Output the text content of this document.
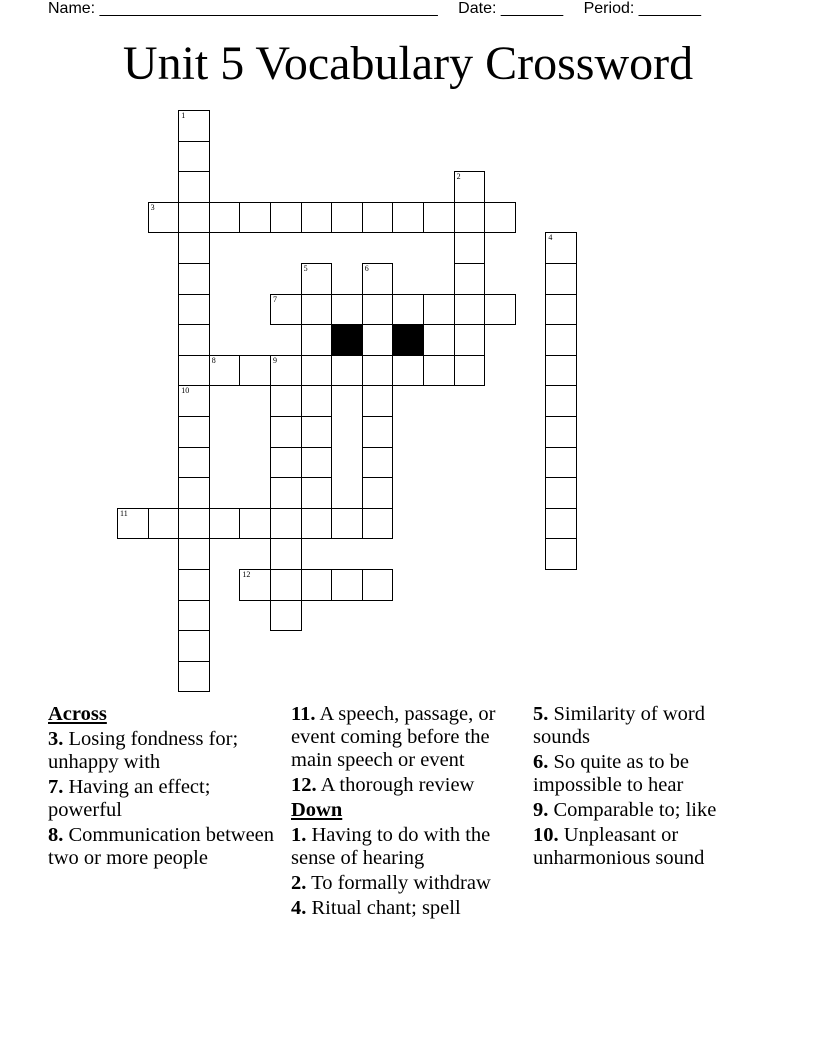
Name: ______________________________________ Date: _______ Period: _______
Unit 5 Vocabulary Crossword
1
10
2
3
4
5	6
7
8	9
11
12
Across
3. Losing fondness for; unhappy with
7. Having an effect; powerful
8. Communication between two or more people
11. A speech, passage, or event coming before the main speech or event
12. A thorough review
Down
1. Having to do with the sense of hearing
2. To formally withdraw
4. Ritual chant; spell
5. Similarity of word sounds
6. So quite as to be impossible to hear
9. Comparable to; like
10. Unpleasant or unharmonious sound
